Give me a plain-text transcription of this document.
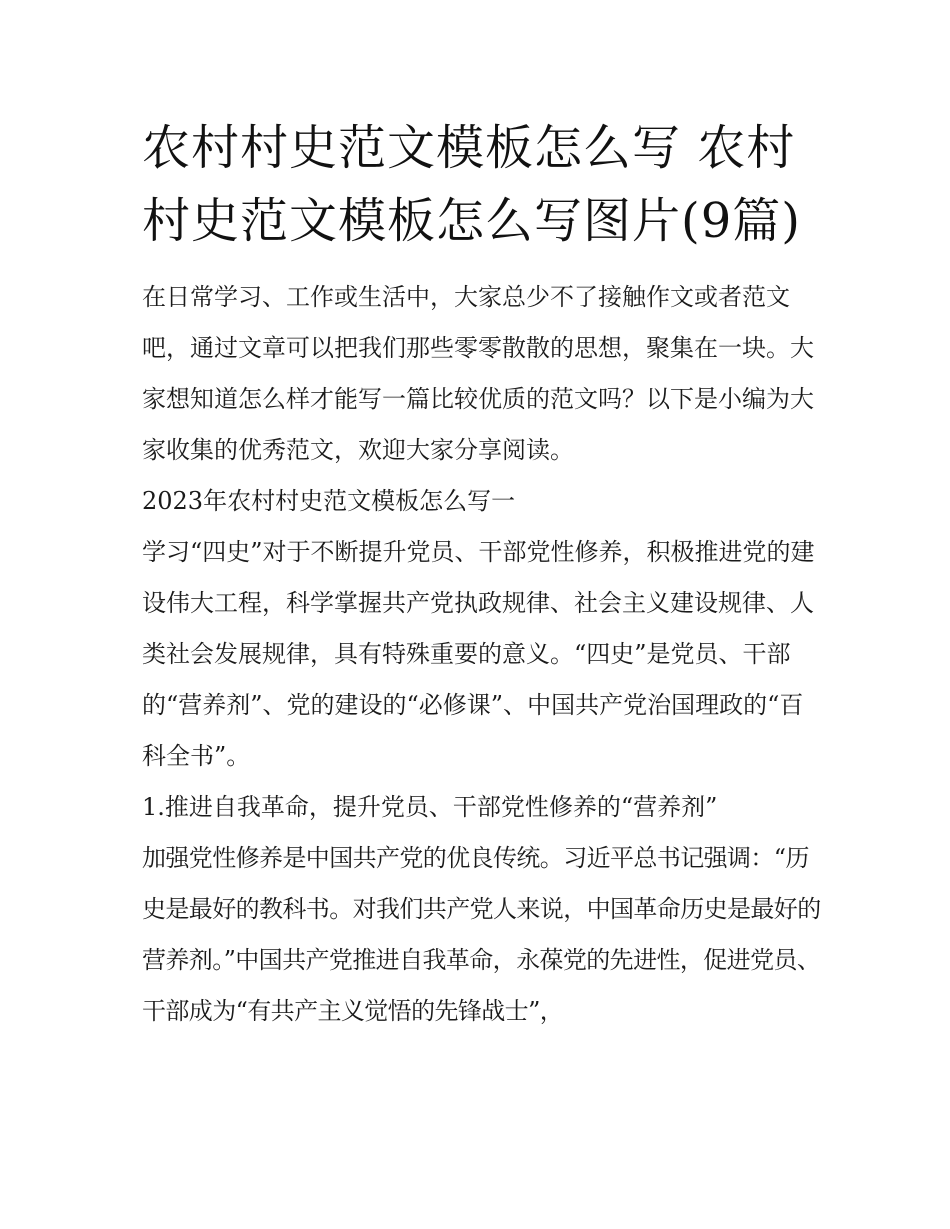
农村村史范文模板怎么写 农村村史范文模板怎么写图片(9篇)

在日常学习、工作或生活中，大家总少不了接触作文或者范文吧，通过文章可以把我们那些零零散散的思想，聚集在一块。大家想知道怎么样才能写一篇比较优质的范文吗？以下是小编为大家收集的优秀范文，欢迎大家分享阅读。

2023年农村村史范文模板怎么写一

学习“四史”对于不断提升党员、干部党性修养，积极推进党的建设伟大工程，科学掌握共产党执政规律、社会主义建设规律、人类社会发展规律，具有特殊重要的意义。“四史”是党员、干部的“营养剂”、党的建设的“必修课”、中国共产党治国理政的“百科全书”。

1.推进自我革命，提升党员、干部党性修养的“营养剂”

加强党性修养是中国共产党的优良传统。习近平总书记强调：“历史是最好的教科书。对我们共产党人来说，中国革命历史是最好的营养剂。”中国共产党推进自我革命，永葆党的先进性，促进党员、干部成为“有共产主义觉悟的先锋战士”，
